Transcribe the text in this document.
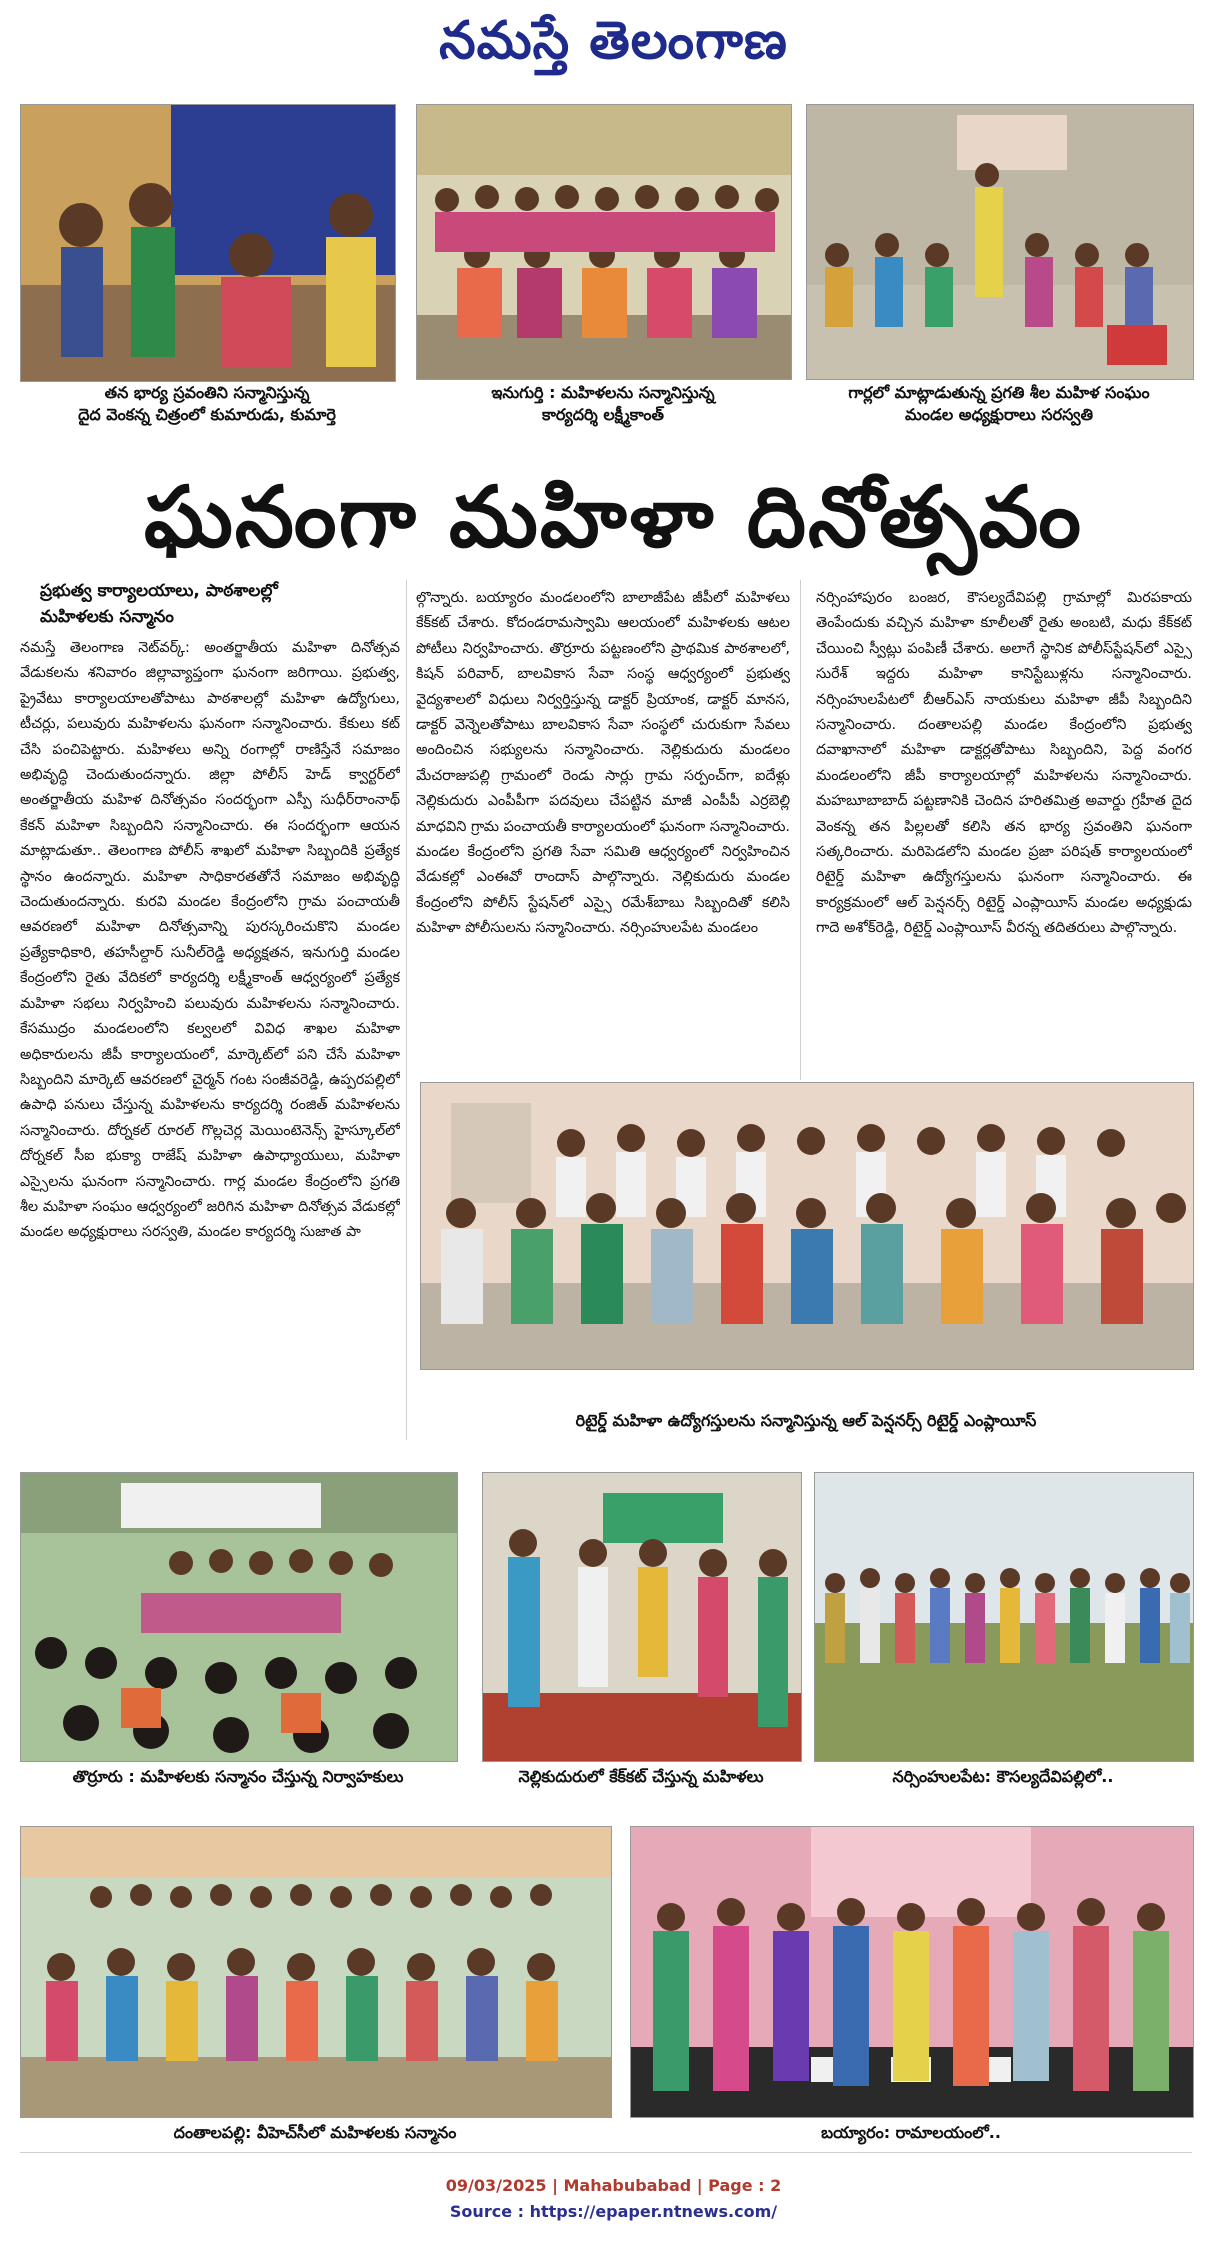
నమస్తే తెలంగాణ
తన భార్య స్రవంతిని సన్మానిస్తున్న
దైద వెంకన్న చిత్రంలో కుమారుడు, కుమార్తె
ఇనుగుర్తి : మహిళలను సన్మానిస్తున్న
కార్యదర్శి లక్ష్మీకాంత్
గార్లలో మాట్లాడుతున్న ప్రగతి శీల మహిళ సంఘం
మండల అధ్యక్షురాలు సరస్వతి
ఘనంగా మహిళా దినోత్సవం
ప్రభుత్వ కార్యాలయాలు, పాఠశాలల్లో
మహిళలకు సన్మానం
నమస్తే తెలంగాణ నెట్‌వర్క్: అంతర్జాతీయ మహిళా దినోత్సవ వేడుకలను శనివారం జిల్లావ్యాప్తంగా ఘనంగా జరిగాయి. ప్రభుత్వ, ప్రైవేటు కార్యాలయాలతోపాటు పాఠశాలల్లో మహిళా ఉద్యోగులు, టీచర్లు, పలువురు మహిళలను ఘనంగా సన్మానించారు. కేకులు కట్ చేసి పంచిపెట్టారు. మహిళలు అన్ని రంగాల్లో రాణిస్తేనే సమాజం అభివృద్ధి చెందుతుందన్నారు. జిల్లా పోలీస్ హెడ్ క్వార్టర్‌లో అంతర్జాతీయ మహిళ దినోత్సవం సందర్భంగా ఎస్పీ సుధీర్‌రాంనాథ్ కేకన్ మహిళా సిబ్బందిని సన్మానించారు. ఈ సందర్భంగా ఆయన మాట్లాడుతూ.. తెలంగాణ పోలీస్ శాఖలో మహిళా సిబ్బందికి ప్రత్యేక స్థానం ఉందన్నారు. మహిళా సాధికారతతోనే సమాజం అభివృద్ధి చెందుతుందన్నారు. కురవి మండల కేంద్రంలోని గ్రామ పంచాయతీ ఆవరణలో మహిళా దినోత్సవాన్ని పురస్కరించుకొని మండల ప్రత్యేకాధికారి, తహసీల్దార్ సునీల్‌రెడ్డి అధ్యక్షతన, ఇనుగుర్తి మండల కేంద్రంలోని రైతు వేదికలో కార్యదర్శి లక్ష్మీకాంత్ ఆధ్వర్యంలో ప్రత్యేక మహిళా సభలు నిర్వహించి పలువురు మహిళలను సన్మానించారు. కేసముద్రం మండలంలోని కల్వలలో వివిధ శాఖల మహిళా అధికారులను జీపీ కార్యాలయంలో, మార్కెట్‌లో పని చేసే మహిళా సిబ్బందిని మార్కెట్ ఆవరణలో చైర్మన్ గంట సంజీవరెడ్డి, ఉప్పరపల్లిలో ఉపాధి పనులు చేస్తున్న మహిళలను కార్యదర్శి రంజిత్ మహిళలను సన్మానించారు. దోర్నకల్ రూరల్ గొల్లచెర్ల మెయింటెనెన్స్ హైస్కూల్‌లో దోర్నకల్ సీఐ భుక్యా రాజేష్ మహిళా ఉపాధ్యాయులు, మహిళా ఎస్సైలను ఘనంగా సన్మానించారు. గార్ల మండల కేంద్రంలోని ప్రగతి శీల మహిళా సంఘం ఆధ్వర్యంలో జరిగిన మహిళా దినోత్సవ వేడుకల్లో మండల అధ్యక్షురాలు సరస్వతి, మండల కార్యదర్శి సుజాత పా
ల్గొన్నారు. బయ్యారం మండలంలోని బాలాజీపేట జీపీలో మహిళలు కేక్‌కట్ చేశారు. కోదండరామస్వామి ఆలయంలో మహిళలకు ఆటల పోటీలు నిర్వహించారు. తొర్రూరు పట్టణంలోని ప్రాథమిక పాఠశాలలో, కిషన్ పరివార్, బాలవికాస సేవా సంస్థ ఆధ్వర్యంలో ప్రభుత్వ వైద్యశాలలో విధులు నిర్వర్తిస్తున్న డాక్టర్ ప్రియాంక, డాక్టర్ మానస, డాక్టర్ వెన్నెలతోపాటు బాలవికాస సేవా సంస్థలో చురుకుగా సేవలు అందించిన సభ్యులను సన్మానించారు. నెల్లికుదురు మండలం మేచరాజుపల్లి గ్రామంలో రెండు సార్లు గ్రామ సర్పంచ్‌గా, ఐదేళ్లు నెల్లికుదురు ఎంపీపీగా పదవులు చేపట్టిన మాజీ ఎంపీపీ ఎర్రబెల్లి మాధవిని గ్రామ పంచాయతీ కార్యాలయంలో ఘనంగా సన్మానించారు. మండల కేంద్రంలోని ప్రగతి సేవా సమితి ఆధ్వర్యంలో నిర్వహించిన వేడుకల్లో ఎంఈవో రాందాస్ పాల్గొన్నారు. నెల్లికుదురు మండల కేంద్రంలోని పోలీస్ స్టేషన్‌లో ఎస్సై రమేశ్‌బాబు సిబ్బందితో కలిసి మహిళా పోలీసులను సన్మానించారు. నర్సింహులపేట మండలం
నర్సింహాపురం బంజర, కౌసల్యదేవిపల్లి గ్రామాల్లో మిరపకాయ తెంపేందుకు వచ్చిన మహిళా కూలీలతో రైతు అంబటి, మధు కేక్‌కట్ చేయించి స్వీట్లు పంపిణీ చేశారు. అలాగే స్థానిక పోలీస్‌స్టేషన్‌లో ఎస్సై సురేశ్ ఇద్దరు మహిళా కానిస్టేబుళ్లను సన్మానించారు. నర్సింహులపేటలో బీఆర్‌ఎస్ నాయకులు మహిళా జీపీ సిబ్బందిని సన్మానించారు. దంతాలపల్లి మండల కేంద్రంలోని ప్రభుత్వ దవాఖానాలో మహిళా డాక్టర్లతోపాటు సిబ్బందిని, పెద్ద వంగర మండలంలోని జీపీ కార్యాలయాల్లో మహిళలను సన్మానించారు. మహబూబాబాద్ పట్టణానికి చెందిన హరితమిత్ర అవార్డు గ్రహీత దైద వెంకన్న తన పిల్లలతో కలిసి తన భార్య స్రవంతిని ఘనంగా సత్కరించారు. మరిపెడలోని మండల ప్రజా పరిషత్ కార్యాలయంలో రిటైర్డ్ మహిళా ఉద్యోగస్తులను ఘనంగా సన్మానించారు. ఈ కార్యక్రమంలో ఆల్ పెన్షనర్స్ రిటైర్డ్ ఎంప్లాయీస్ మండల అధ్యక్షుడు గాదె అశోక్‌రెడ్డి, రిటైర్డ్ ఎంప్లాయీస్ వీరన్న తదితరులు పాల్గొన్నారు.
రిటైర్డ్ మహిళా ఉద్యోగస్తులను సన్మానిస్తున్న ఆల్ పెన్షనర్స్ రిటైర్డ్ ఎంప్లాయీస్
తొర్రూరు : మహిళలకు సన్మానం చేస్తున్న నిర్వాహకులు	నెల్లికుదురులో కేక్‌కట్ చేస్తున్న మహిళలు	నర్సింహులపేట: కౌసల్యదేవిపల్లిలో..
దంతాలపల్లి: వీహెచ్‌సీలో మహిళలకు సన్మానం	బయ్యారం: రామాలయంలో..
09/03/2025 | Mahabubabad | Page : 2
Source : https://epaper.ntnews.com/
